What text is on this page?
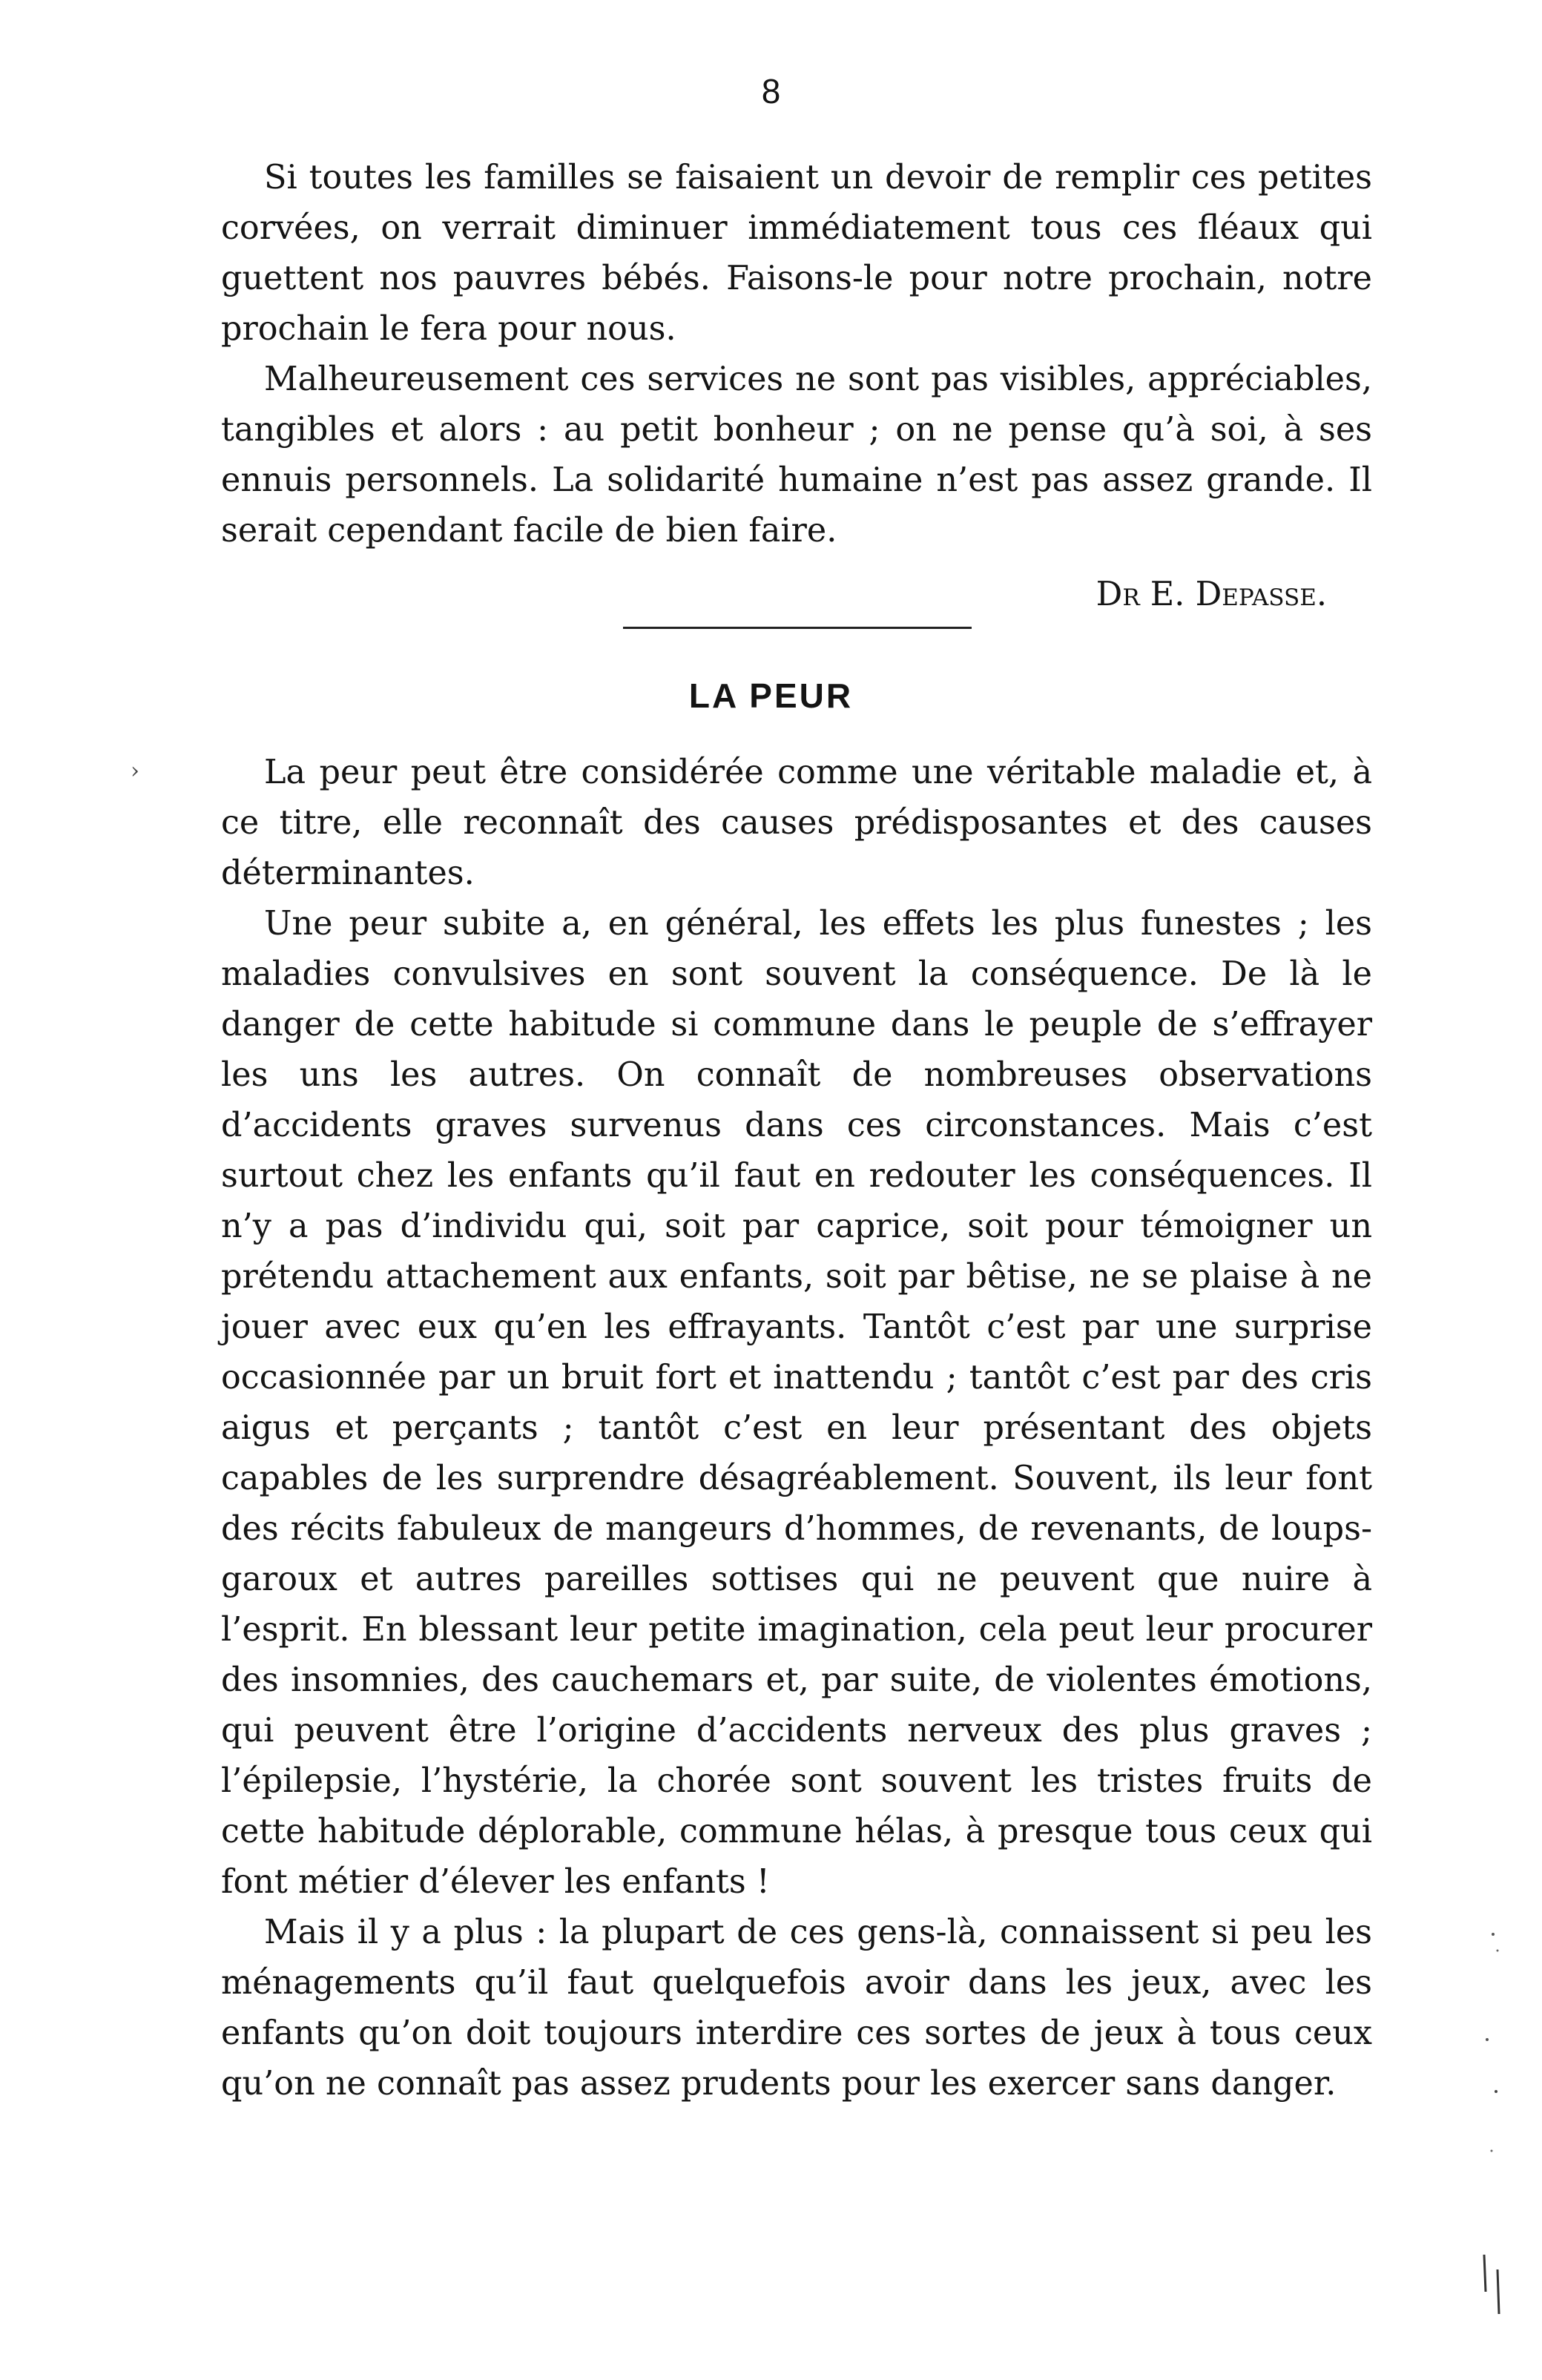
8

Si toutes les familles se faisaient un devoir de remplir ces petites corvées, on verrait diminuer immédiatement tous ces fléaux qui guettent nos pauvres bébés. Faisons-le pour notre prochain, notre prochain le fera pour nous.

Malheureusement ces services ne sont pas visibles, appréciables, tangibles et alors : au petit bonheur ; on ne pense qu’à soi, à ses ennuis personnels. La solidarité humaine n’est pas assez grande. Il serait cependant facile de bien faire.

Dr E. Depasse.
LA PEUR
›	La peur peut être considérée comme une véritable maladie et, à ce titre, elle reconnaît des causes prédisposantes et des causes déterminantes.

Une peur subite a, en général, les effets les plus funestes ; les maladies convulsives en sont souvent la conséquence. De là le danger de cette habitude si commune dans le peuple de s’effrayer les uns les autres. On connaît de nombreuses observations d’accidents graves survenus dans ces circonstances. Mais c’est surtout chez les enfants qu’il faut en redouter les conséquences. Il n’y a pas d’individu qui, soit par caprice, soit pour témoigner un prétendu attachement aux enfants, soit par bêtise, ne se plaise à ne jouer avec eux qu’en les effrayants. Tantôt c’est par une surprise occasionnée par un bruit fort et inattendu ; tantôt c’est par des cris aigus et perçants ; tantôt c’est en leur présentant des objets capables de les surprendre désagréablement. Souvent, ils leur font des récits fabuleux de mangeurs d’hommes, de revenants, de loups-garoux et autres pareilles sottises qui ne peuvent que nuire à l’esprit. En blessant leur petite imagination, cela peut leur procurer des insomnies, des cauchemars et, par suite, de violentes émotions, qui peuvent être l’origine d’accidents nerveux des plus graves ; l’épilepsie, l’hystérie, la chorée sont souvent les tristes fruits de cette habitude déplorable, commune hélas, à presque tous ceux qui font métier d’élever les enfants !

Mais il y a plus : la plupart de ces gens-là, connaissent si peu les ménagements qu’il faut quelquefois avoir dans les jeux, avec les enfants qu’on doit toujours interdire ces sortes de jeux à tous ceux qu’on ne connaît pas assez prudents pour les exercer sans danger.
